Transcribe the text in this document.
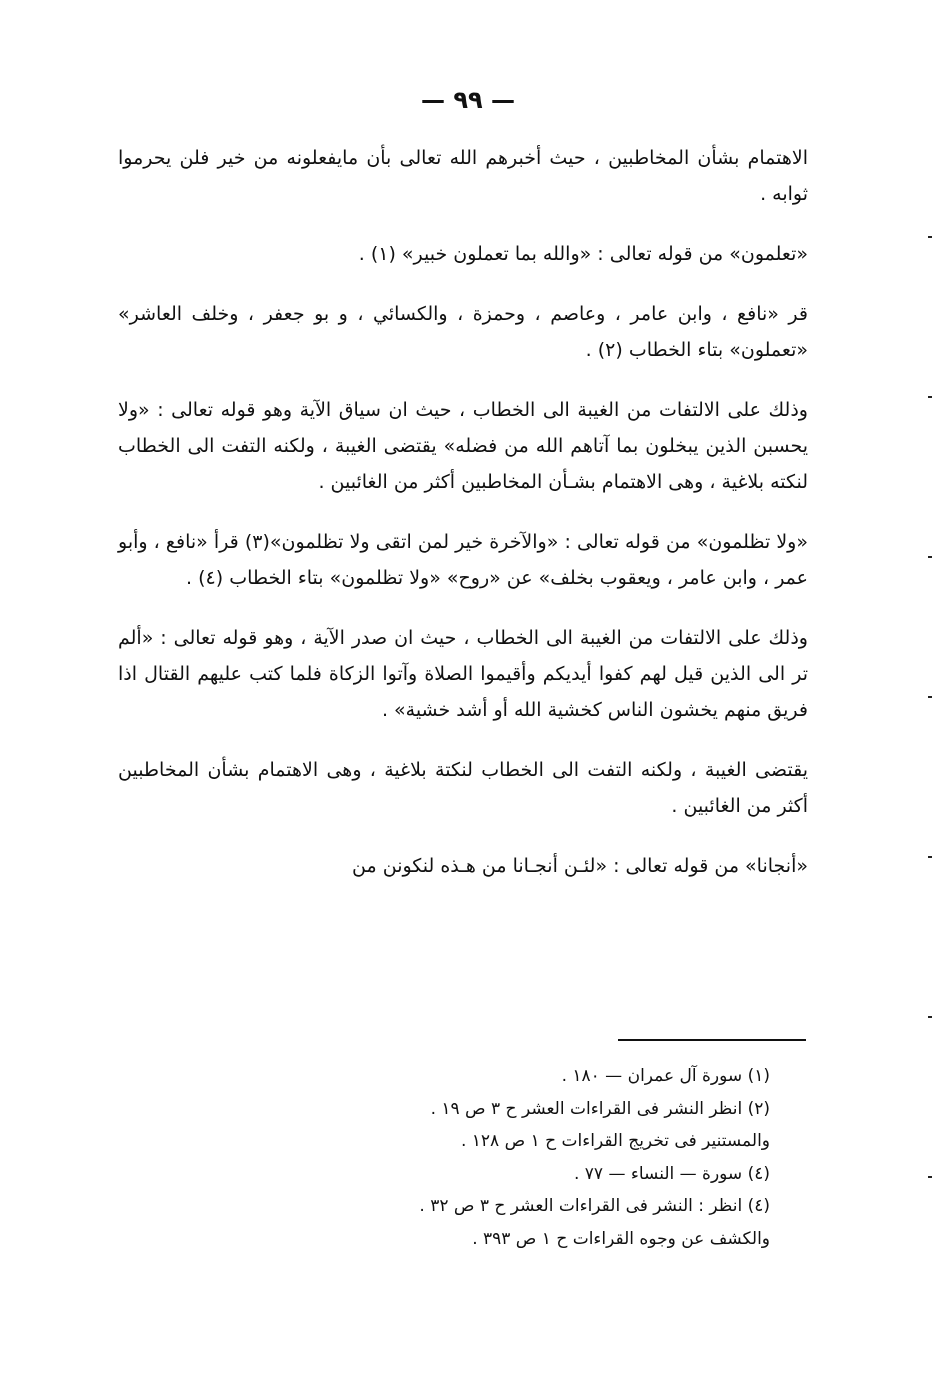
— ٩٩ —

الاهتمام بشأن المخاطبين ، حيث أخبرهم الله تعالى بأن مايفعلونه من خير فلن يحرموا ثوابه .

«تعلمون» من قوله تعالى : «والله بما تعملون خبير» (١) .

قر «نافع ، وابن عامر ، وعاصم ، وحمزة ، والكسائي ، و بو جعفر ، وخلف العاشر» «تعملون» بتاء الخطاب (٢) .

وذلك على الالتفات من الغيبة الى الخطاب ، حيث ان سياق الآية وهو قوله تعالى : «ولا يحسبن الذين يبخلون بما آتاهم الله من فضله» يقتضى الغيبة ، ولكنه التفت الى الخطاب لنكته بلاغية ، وهى الاهتمام بشـأن المخاطبين أكثر من الغائبين .

«ولا تظلمون» من قوله تعالى : «والآخرة خير لمن اتقى ولا تظلمون»(٣) قرأ «نافع ، وأبو عمر ، وابن عامر ، ويعقوب بخلف» عن «روح» «ولا تظلمون» بتاء الخطاب (٤) .

وذلك على الالتفات من الغيبة الى الخطاب ، حيث ان صدر الآية ، وهو قوله تعالى : «ألم تر الى الذين قيل لهم كفوا أيديكم وأقيموا الصلاة وآتوا الزكاة فلما كتب عليهم القتال اذا فريق منهم يخشون الناس كخشية الله أو أشد خشية» .

يقتضى الغيبة ، ولكنه التفت الى الخطاب لنكتة بلاغية ، وهى الاهتمام بشأن المخاطبين أكثر من الغائبين .

«أنجانا» من قوله تعالى : «لئـن أنجـانا من هـذه لنكونن من

(١) سورة آل عمران — ١٨٠ .
(٢) انظر النشر فى القراءات العشر ح ٣ ص ١٩ .
والمستنير فى تخريج القراءات ح ١ ص ١٢٨ .
(٤) سورة — النساء — ٧٧ .
(٤) انظر : النشر فى القراءات العشر ح ٣ ص ٣٢ .
والكشف عن وجوه القراءات ح ١ ص ٣٩٣ .
